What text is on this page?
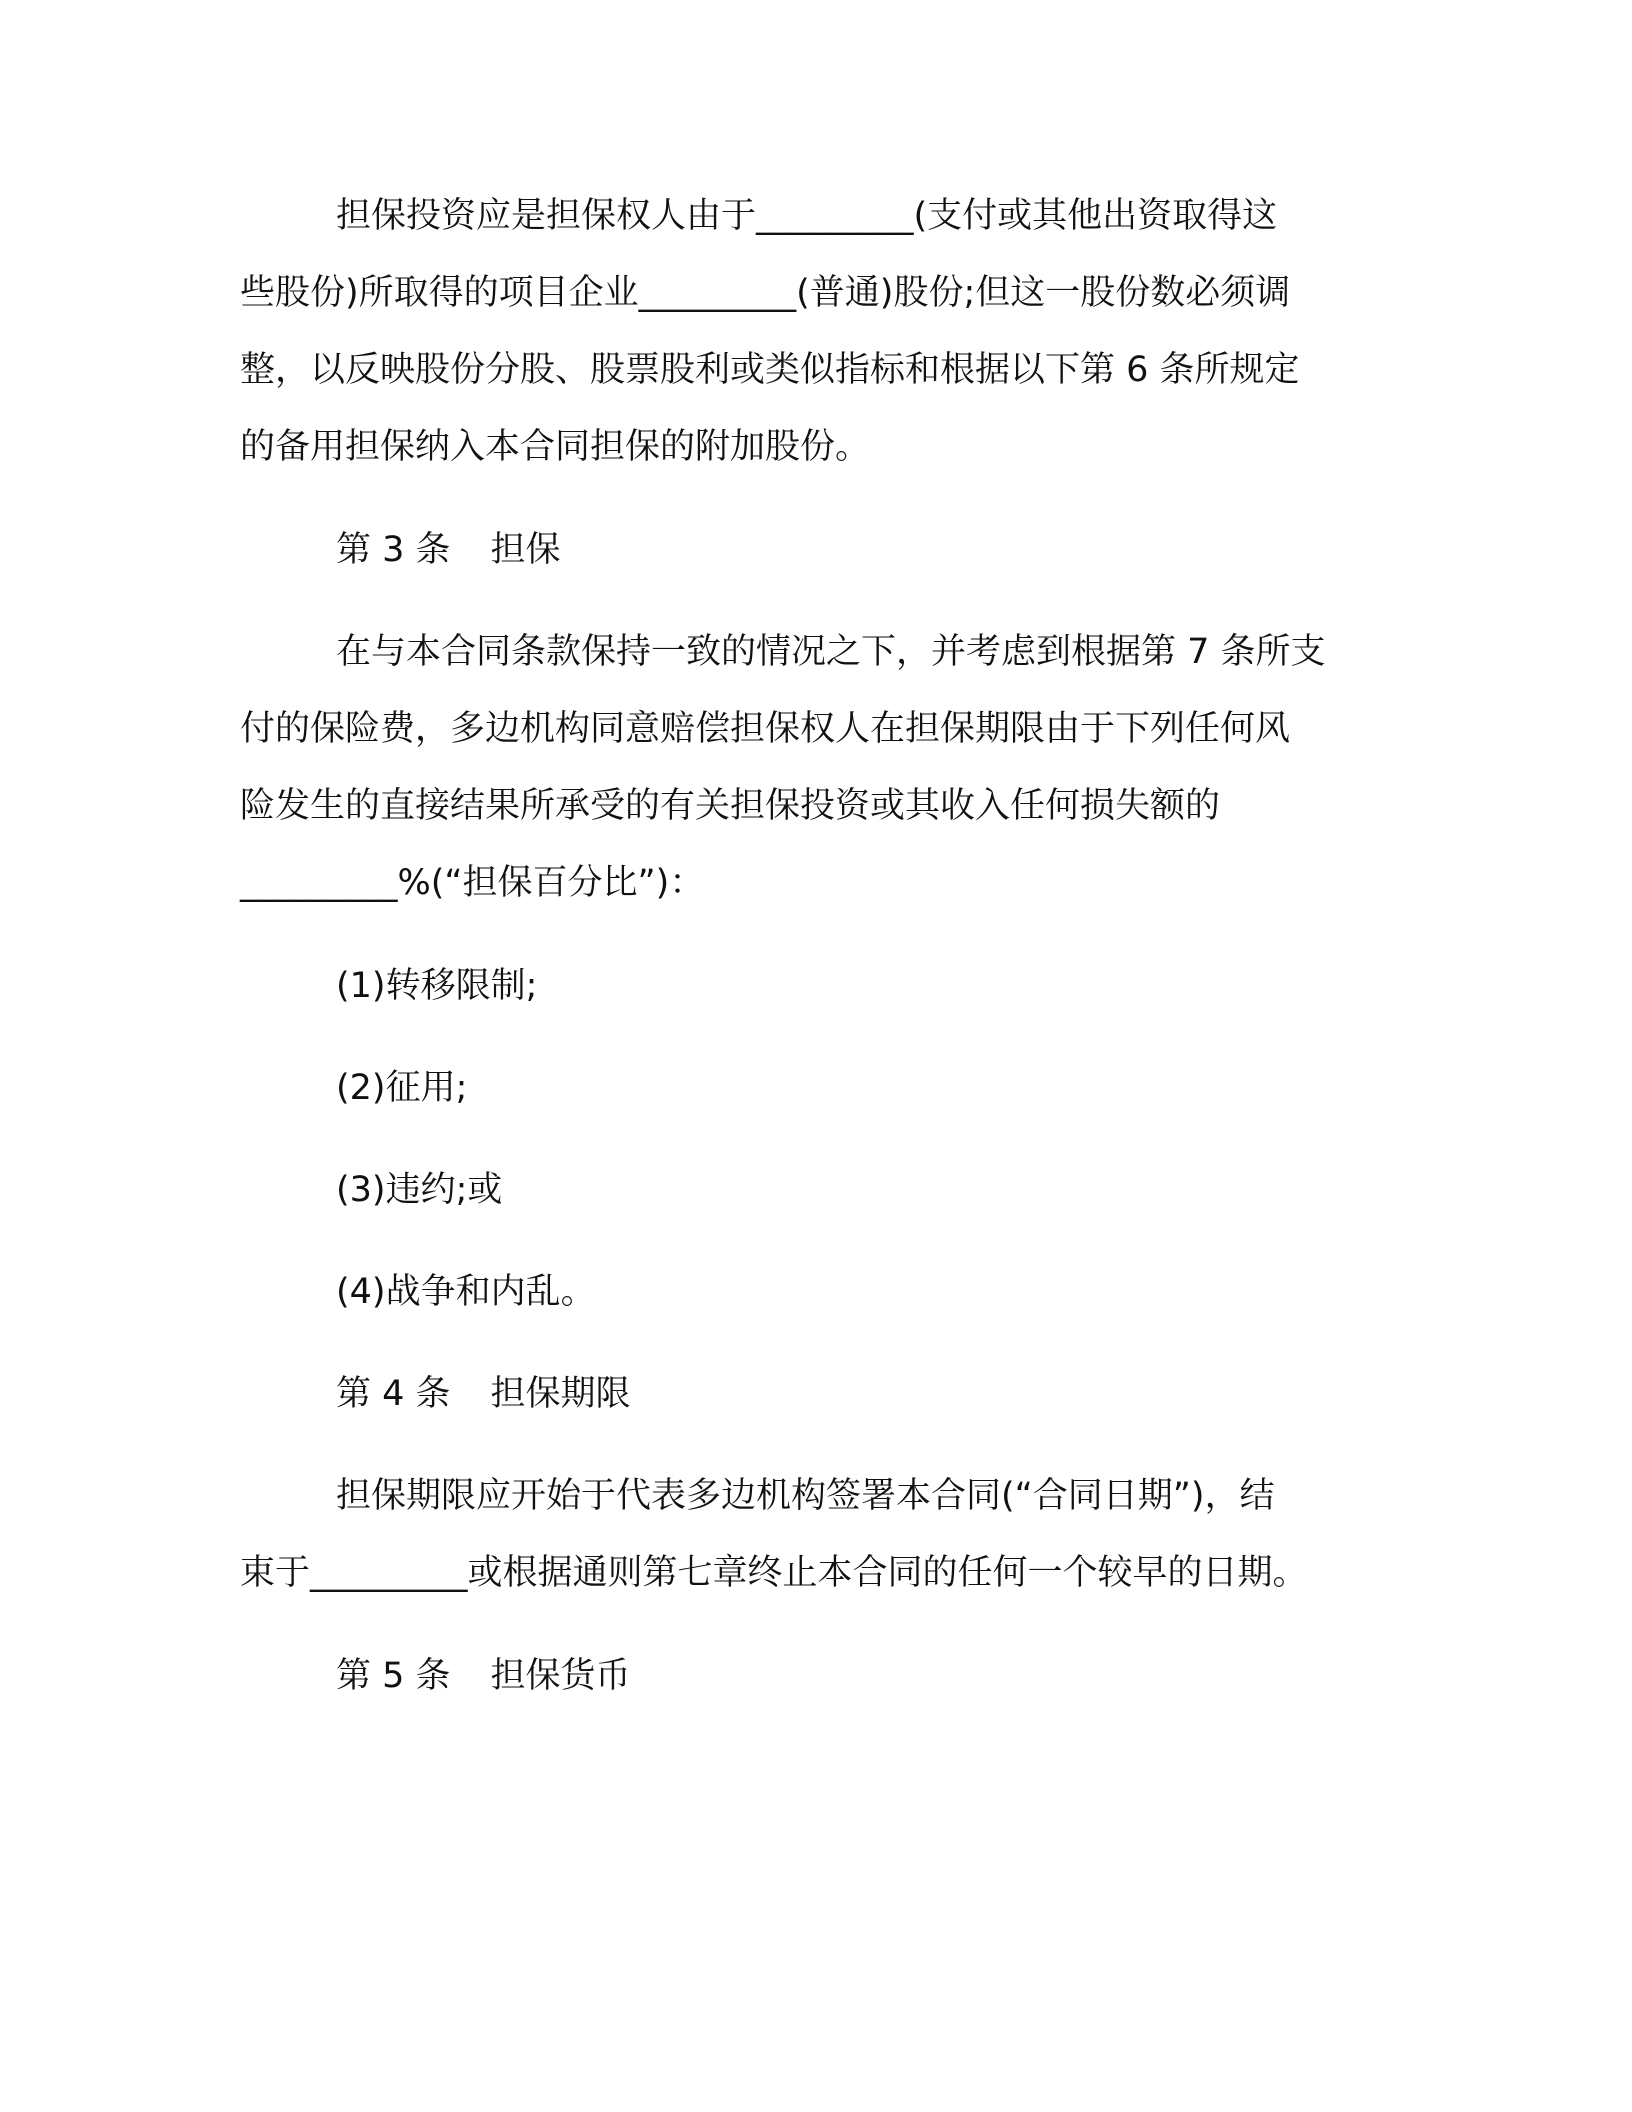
担保投资应是担保权人由于_________(支付或其他出资取得这
些股份)所取得的项目企业_________(普通)股份;但这一股份数必须调
整，以反映股份分股、股票股利或类似指标和根据以下第 6 条所规定
的备用担保纳入本合同担保的附加股份。
第 3 条 担保
在与本合同条款保持一致的情况之下，并考虑到根据第 7 条所支
付的保险费，多边机构同意赔偿担保权人在担保期限由于下列任何风
险发生的直接结果所承受的有关担保投资或其收入任何损失额的
_________%(“担保百分比”)：
(1)转移限制;
(2)征用;
(3)违约;或
(4)战争和内乱。
第 4 条 担保期限
担保期限应开始于代表多边机构签署本合同(“合同日期”)，结
束于_________或根据通则第七章终止本合同的任何一个较早的日期。
第 5 条 担保货币
